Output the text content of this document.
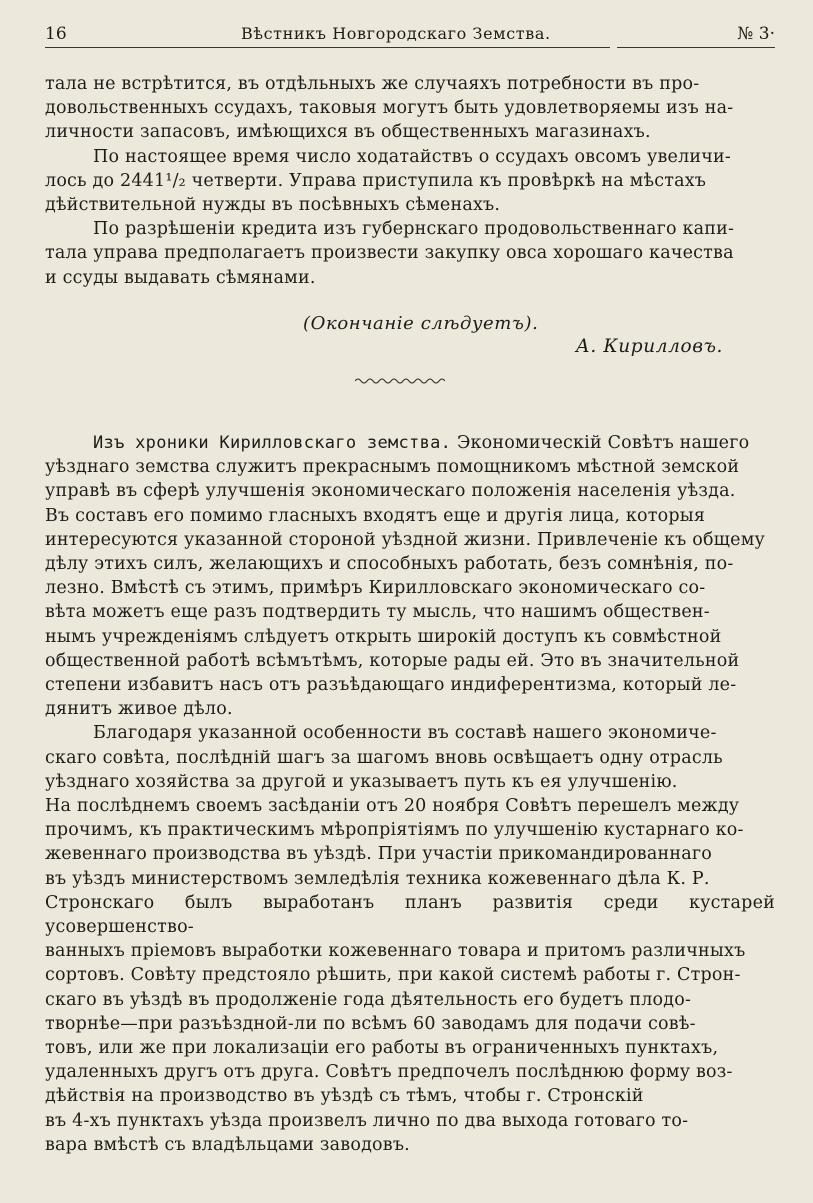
16	Вѣстникъ Новгородскаго Земства.	№ 3·

тала не встрѣтится, въ отдѣльныхъ же случаяхъ потребности въ про-

довольственныхъ ссудахъ, таковыя могутъ быть удовлетворяемы изъ на-

личности запасовъ, имѣющихся въ общественныхъ магазинахъ.

По настоящее время число ходатайствъ о ссудахъ овсомъ увеличи-

лось до 2441¹/₂ четверти. Управа приступила къ провѣркѣ на мѣстахъ

дѣйствительной нужды въ посѣвныхъ сѣменахъ.

По разрѣшеніи кредита изъ губернскаго продовольственнаго капи-

тала управа предполагаетъ произвести закупку овса хорошаго качества

и ссуды выдавать сѣмянами.

(Окончаніе слѣдуетъ).
А. Кирилловъ.

Изъ хроники Кирилловскаго земства. Экономическій Совѣтъ нашего

уѣзднаго земства служитъ прекраснымъ помощникомъ мѣстной земской

управѣ въ сферѣ улучшенія экономическаго положенія населенія уѣзда.

Въ составъ его помимо гласныхъ входятъ еще и другія лица, которыя

интересуются указанной стороной уѣздной жизни. Привлеченіе къ общему

дѣлу этихъ силъ, желающихъ и способныхъ работать, безъ сомнѣнія, по-

лезно. Вмѣстѣ съ этимъ, примѣръ Кирилловскаго экономическаго со-

вѣта можетъ еще разъ подтвердить ту мысль, что нашимъ обществен-

нымъ учрежденіямъ слѣдуетъ открыть широкій доступъ къ совмѣстной

общественной работѣ всѣмътѣмъ, которые рады ей. Это въ значительной

степени избавитъ насъ отъ разъѣдающаго индиферентизма, который ле-

дянитъ живое дѣло.

Благодаря указанной особенности въ составѣ нашего экономиче-

скаго совѣта, послѣдній шагъ за шагомъ вновь освѣщаетъ одну отрасль

уѣзднаго хозяйства за другой и указываетъ путь къ ея улучшенію.

На послѣднемъ своемъ засѣданіи отъ 20 ноября Совѣтъ перешелъ между

прочимъ, къ практическимъ мѣропріятіямъ по улучшенію кустарнаго ко-

жевеннаго производства въ уѣздѣ. При участіи прикомандированнаго

въ уѣздъ министерствомъ земледѣлія техника кожевеннаго дѣла К. Р.

Стронскаго былъ выработанъ планъ развитія среди кустарей усовершенство-

ванныхъ пріемовъ выработки кожевеннаго товара и притомъ различныхъ

сортовъ. Совѣту предстояло рѣшить, при какой системѣ работы г. Строн-

скаго въ уѣздѣ въ продолженіе года дѣятельность его будетъ плодо-

творнѣе—при разъѣздной-ли по всѣмъ 60 заводамъ для подачи совѣ-

товъ, или же при локализаціи его работы въ ограниченныхъ пунктахъ,

удаленныхъ другъ отъ друга. Совѣтъ предпочелъ послѣднюю форму воз-

дѣйствія на производство въ уѣздѣ съ тѣмъ, чтобы г. Стронскій

въ 4-хъ пунктахъ уѣзда произвелъ лично по два выхода готоваго то-

вара вмѣстѣ съ владѣльцами заводовъ.
